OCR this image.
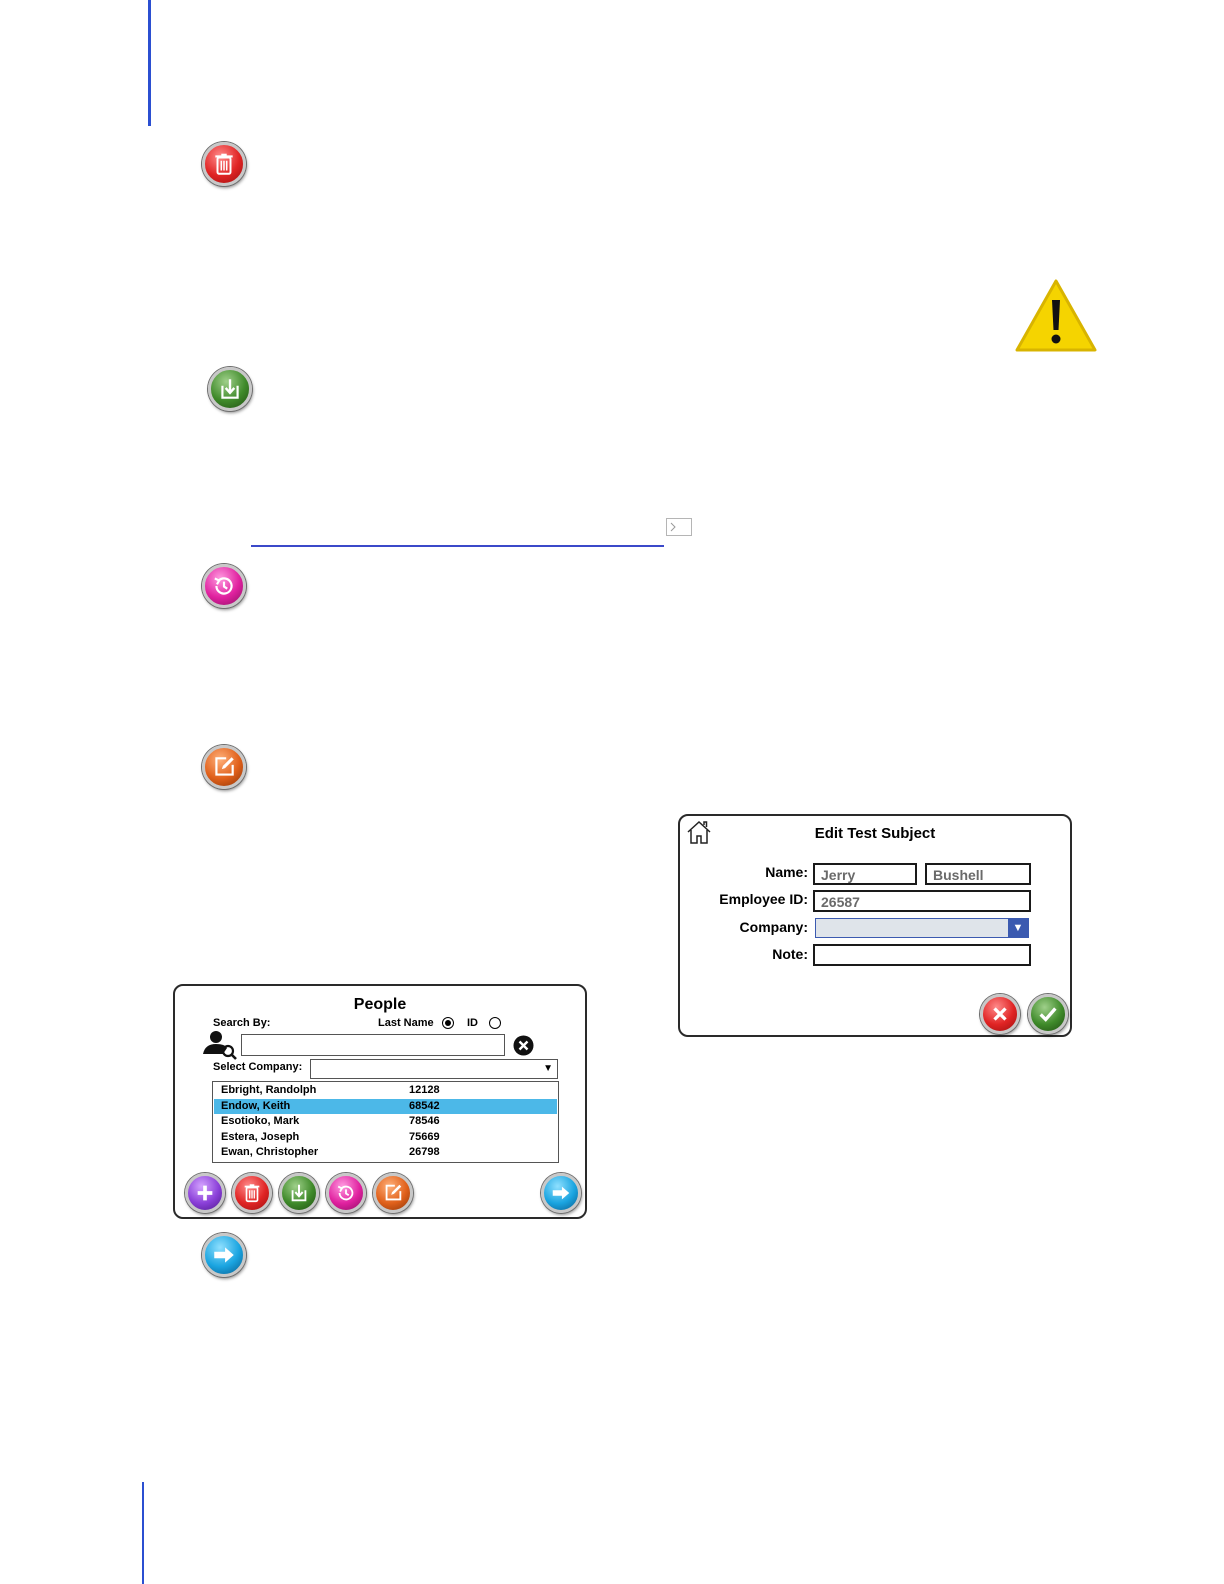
People
Search By:	Last Name	ID
Select Company:	▼
Ebright, Randolph	12128
Endow, Keith	68542
Esotioko, Mark	78546
Estera, Joseph	75669
Ewan, Christopher	26798
Edit Test Subject
Name: Jerry	Bushell
Employee ID: 26587
Company:	▼
Note:
